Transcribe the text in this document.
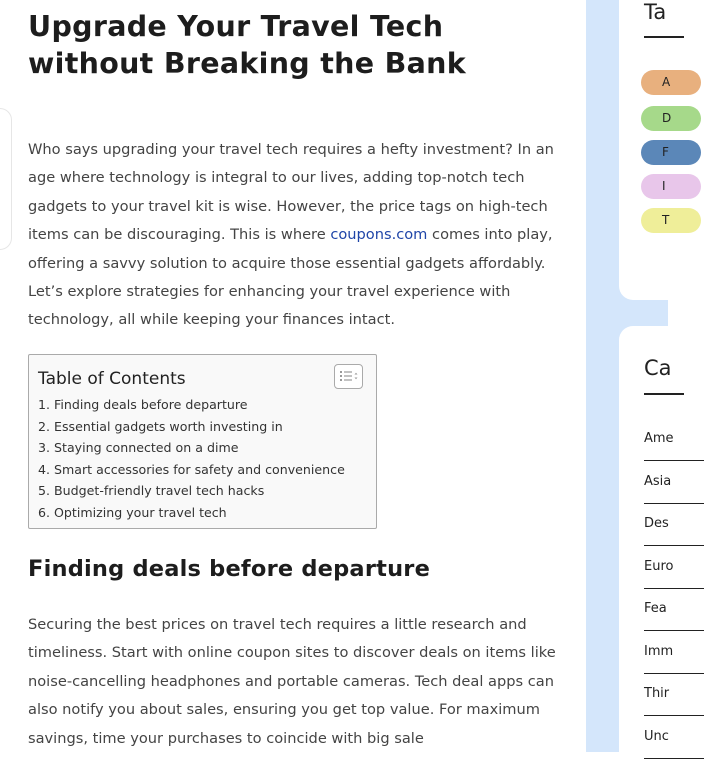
Upgrade Your Travel Tech without Breaking the Bank

Who says upgrading your travel tech requires a hefty investment? In an age where technology is integral to our lives, adding top-notch tech gadgets to your travel kit is wise. However, the price tags on high-tech items can be discouraging. This is where coupons.com comes into play, offering a savvy solution to acquire those essential gadgets affordably. Let’s explore strategies for enhancing your travel experience with technology, all while keeping your finances intact.

Table of Contents
1. Finding deals before departure
2. Essential gadgets worth investing in
3. Staying connected on a dime
4. Smart accessories for safety and convenience
5. Budget-friendly travel tech hacks
6. Optimizing your travel tech
Finding deals before departure

Securing the best prices on travel tech requires a little research and timeliness. Start with online coupon sites to discover deals on items like noise-cancelling headphones and portable cameras. Tech deal apps can also notify you about sales, ensuring you get top value. For maximum savings, time your purchases to coincide with big sale

Ta
A
D
F
I
T
Ca
Ame
Asia
Des
Euro
Fea
Imm
Thir
Unc
